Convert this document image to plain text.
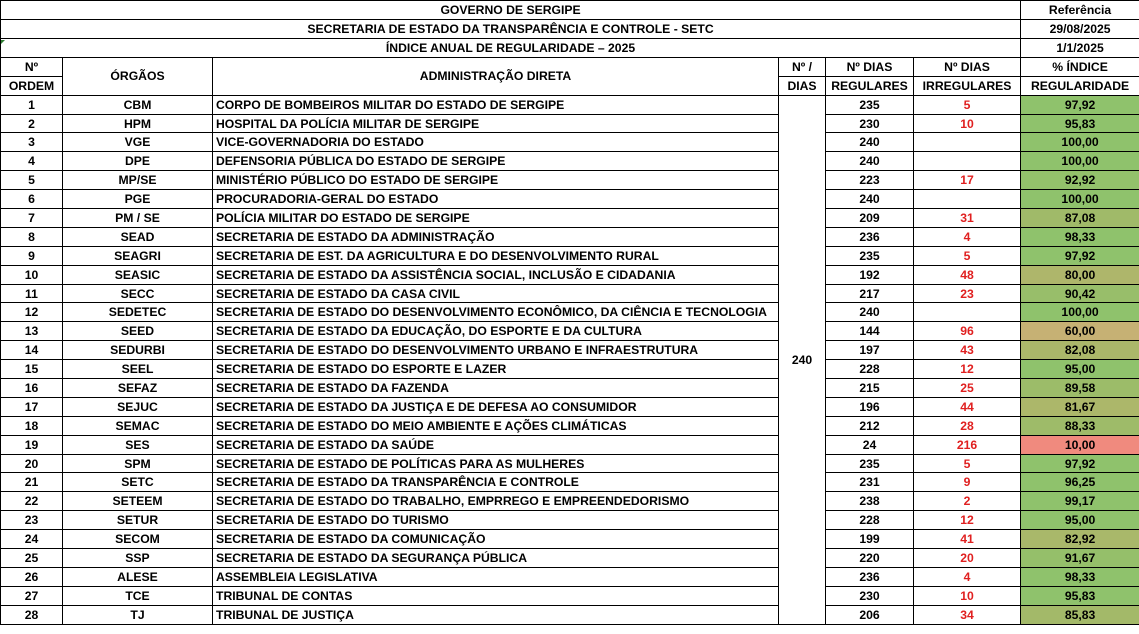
GOVERNO DE SERGIPE						Referência
SECRETARIA DE ESTADO DA TRANSPARÊNCIA E CONTROLE - SETC						29/08/2025
ÍNDICE ANUAL DE REGULARIDADE – 2025						1/1/2025
Nº	ÓRGÃOS	ADMINISTRAÇÃO DIRETA	Nº /	Nº DIAS	Nº DIAS	% ÍNDICE
ORDEM			DIAS	REGULARES	IRREGULARES	REGULARIDADE
1	CBM	CORPO DE BOMBEIROS MILITAR DO ESTADO DE SERGIPE	240	235	5	97,92
2	HPM	HOSPITAL DA POLÍCIA MILITAR DE SERGIPE		230	10	95,83
3	VGE	VICE-GOVERNADORIA DO ESTADO		240		100,00
4	DPE	DEFENSORIA PÚBLICA DO ESTADO DE SERGIPE		240		100,00
5	MP/SE	MINISTÉRIO PÚBLICO DO ESTADO DE SERGIPE		223	17	92,92
6	PGE	PROCURADORIA-GERAL DO ESTADO		240		100,00
7	PM / SE	POLÍCIA MILITAR DO ESTADO DE SERGIPE		209	31	87,08
8	SEAD	SECRETARIA DE ESTADO DA ADMINISTRAÇÃO		236	4	98,33
9	SEAGRI	SECRETARIA DE EST. DA AGRICULTURA E DO DESENVOLVIMENTO RURAL		235	5	97,92
10	SEASIC	SECRETARIA DE ESTADO DA ASSISTÊNCIA SOCIAL, INCLUSÃO E CIDADANIA		192	48	80,00
11	SECC	SECRETARIA DE ESTADO DA CASA CIVIL		217	23	90,42
12	SEDETEC	SECRETARIA DE ESTADO DO DESENVOLVIMENTO ECONÔMICO, DA CIÊNCIA E TECNOLOGIA		240		100,00
13	SEED	SECRETARIA DE ESTADO DA EDUCAÇÃO, DO ESPORTE E DA CULTURA		144	96	60,00
14	SEDURBI	SECRETARIA DE ESTADO DO DESENVOLVIMENTO URBANO E INFRAESTRUTURA		197	43	82,08
15	SEEL	SECRETARIA DE ESTADO DO ESPORTE E LAZER		228	12	95,00
16	SEFAZ	SECRETARIA DE ESTADO DA FAZENDA		215	25	89,58
17	SEJUC	SECRETARIA DE ESTADO DA JUSTIÇA E DE DEFESA AO CONSUMIDOR		196	44	81,67
18	SEMAC	SECRETARIA DE ESTADO DO MEIO AMBIENTE E AÇÕES CLIMÁTICAS		212	28	88,33
19	SES	SECRETARIA DE ESTADO DA SAÚDE		24	216	10,00
20	SPM	SECRETARIA DE ESTADO DE POLÍTICAS PARA AS MULHERES		235	5	97,92
21	SETC	SECRETARIA DE ESTADO DA TRANSPARÊNCIA E CONTROLE		231	9	96,25
22	SETEEM	SECRETARIA DE ESTADO DO TRABALHO, EMPRREGO E EMPREENDEDORISMO		238	2	99,17
23	SETUR	SECRETARIA DE ESTADO DO TURISMO		228	12	95,00
24	SECOM	SECRETARIA DE ESTADO DA COMUNICAÇÃO		199	41	82,92
25	SSP	SECRETARIA DE ESTADO DA SEGURANÇA PÚBLICA		220	20	91,67
26	ALESE	ASSEMBLEIA LEGISLATIVA		236	4	98,33
27	TCE	TRIBUNAL DE CONTAS		230	10	95,83
28	TJ	TRIBUNAL DE JUSTIÇA		206	34	85,83
